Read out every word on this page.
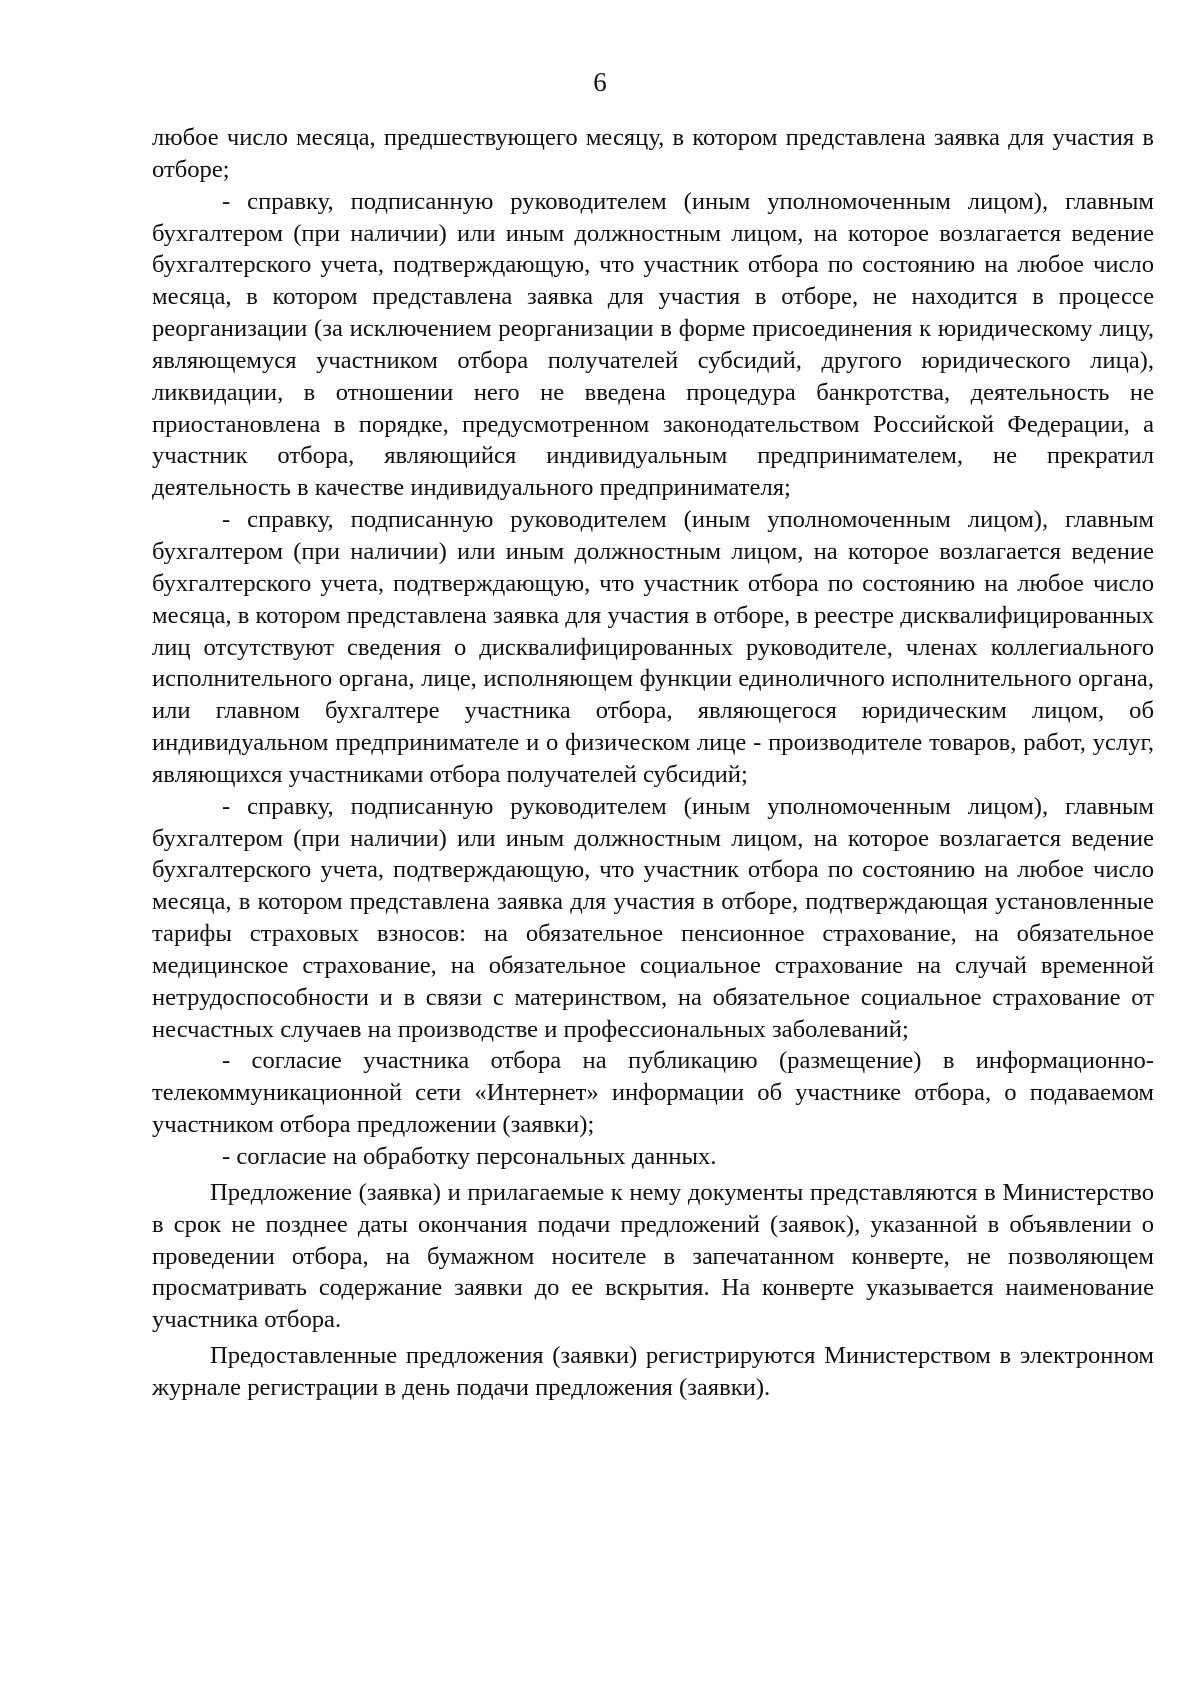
6

любое число месяца, предшествующего месяцу, в котором представлена заявка для участия в отборе;

- справку, подписанную руководителем (иным уполномоченным лицом), главным бухгалтером (при наличии) или иным должностным лицом, на которое возлагается ведение бухгалтерского учета, подтверждающую, что участник отбора по состоянию на любое число месяца, в котором представлена заявка для участия в отборе, не находится в процессе реорганизации (за исключением реорганизации в форме присоединения к юридическому лицу, являющемуся участником отбора получателей субсидий, другого юридического лица), ликвидации, в отношении него не введена процедура банкротства, деятельность не приостановлена в порядке, предусмотренном законодательством Российской Федерации, а участник отбора, являющийся индивидуальным предпринимателем, не прекратил деятельность в качестве индивидуального предпринимателя;

- справку, подписанную руководителем (иным уполномоченным лицом), главным бухгалтером (при наличии) или иным должностным лицом, на которое возлагается ведение бухгалтерского учета, подтверждающую, что участник отбора по состоянию на любое число месяца, в котором представлена заявка для участия в отборе, в реестре дисквалифицированных лиц отсутствуют сведения о дисквалифицированных руководителе, членах коллегиального исполнительного органа, лице, исполняющем функции единоличного исполнительного органа, или главном бухгалтере участника отбора, являющегося юридическим лицом, об индивидуальном предпринимателе и о физическом лице - производителе товаров, работ, услуг, являющихся участниками отбора получателей субсидий;

- справку, подписанную руководителем (иным уполномоченным лицом), главным бухгалтером (при наличии) или иным должностным лицом, на которое возлагается ведение бухгалтерского учета, подтверждающую, что участник отбора по состоянию на любое число месяца, в котором представлена заявка для участия в отборе, подтверждающая установленные тарифы страховых взносов: на обязательное пенсионное страхование, на обязательное медицинское страхование, на обязательное социальное страхование на случай временной нетрудоспособности и в связи с материнством, на обязательное социальное страхование от несчастных случаев на производстве и профессиональных заболеваний;

- согласие участника отбора на публикацию (размещение) в информационно-телекоммуникационной сети «Интернет» информации об участнике отбора, о подаваемом участником отбора предложении (заявки);

- согласие на обработку персональных данных.

Предложение (заявка) и прилагаемые к нему документы представляются в Министерство в срок не позднее даты окончания подачи предложений (заявок), указанной в объявлении о проведении отбора, на бумажном носителе в запечатанном конверте, не позволяющем просматривать содержание заявки до ее вскрытия. На конверте указывается наименование участника отбора.

Предоставленные предложения (заявки) регистрируются Министерством в электронном журнале регистрации в день подачи предложения (заявки).
